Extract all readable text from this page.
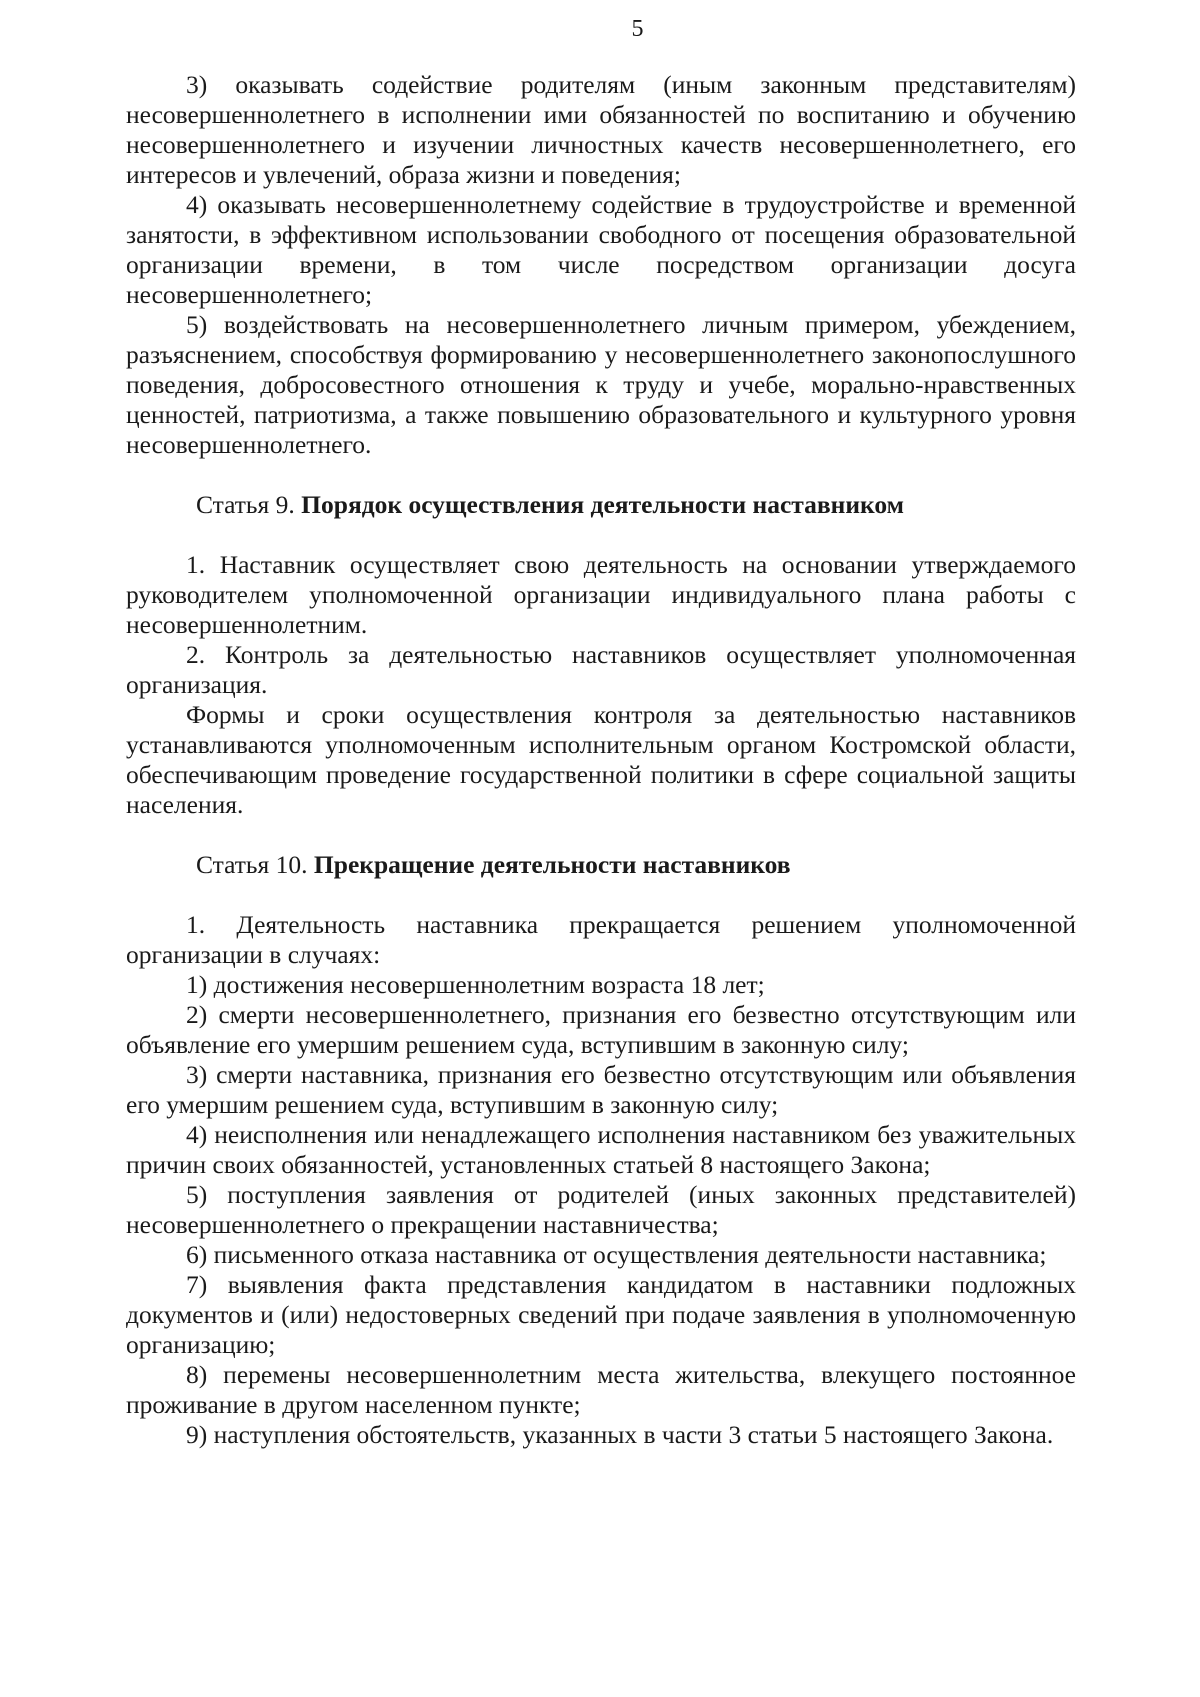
5

3) оказывать содействие родителям (иным законным представителям) несовершеннолетнего в исполнении ими обязанностей по воспитанию и обучению несовершеннолетнего и изучении личностных качеств несовершеннолетнего, его интересов и увлечений, образа жизни и поведения;

4) оказывать несовершеннолетнему содействие в трудоустройстве и временной занятости, в эффективном использовании свободного от посещения образовательной организации времени, в том числе посредством организации досуга несовершеннолетнего;

5) воздействовать на несовершеннолетнего личным примером, убеждением, разъяснением, способствуя формированию у несовершеннолетнего законопослушного поведения, добросовестного отношения к труду и учебе, морально-нравственных ценностей, патриотизма, а также повышению образовательного и культурного уровня несовершеннолетнего.

Статья 9. Порядок осуществления деятельности наставником

1. Наставник осуществляет свою деятельность на основании утверждаемого руководителем уполномоченной организации индивидуального плана работы с несовершеннолетним.

2. Контроль за деятельностью наставников осуществляет уполномоченная организация.

Формы и сроки осуществления контроля за деятельностью наставников устанавливаются уполномоченным исполнительным органом Костромской области, обеспечивающим проведение государственной политики в сфере социальной защиты населения.

Статья 10. Прекращение деятельности наставников

1. Деятельность наставника прекращается решением уполномоченной организации в случаях:

1) достижения несовершеннолетним возраста 18 лет;

2) смерти несовершеннолетнего, признания его безвестно отсутствующим или объявление его умершим решением суда, вступившим в законную силу;

3) смерти наставника, признания его безвестно отсутствующим или объявления его умершим решением суда, вступившим в законную силу;

4) неисполнения или ненадлежащего исполнения наставником без уважительных причин своих обязанностей, установленных статьей 8 настоящего Закона;

5) поступления заявления от родителей (иных законных представителей) несовершеннолетнего о прекращении наставничества;

6) письменного отказа наставника от осуществления деятельности наставника;

7) выявления факта представления кандидатом в наставники подложных документов и (или) недостоверных сведений при подаче заявления в уполномоченную организацию;

8) перемены несовершеннолетним места жительства, влекущего постоянное проживание в другом населенном пункте;

9) наступления обстоятельств, указанных в части 3 статьи 5 настоящего Закона.
